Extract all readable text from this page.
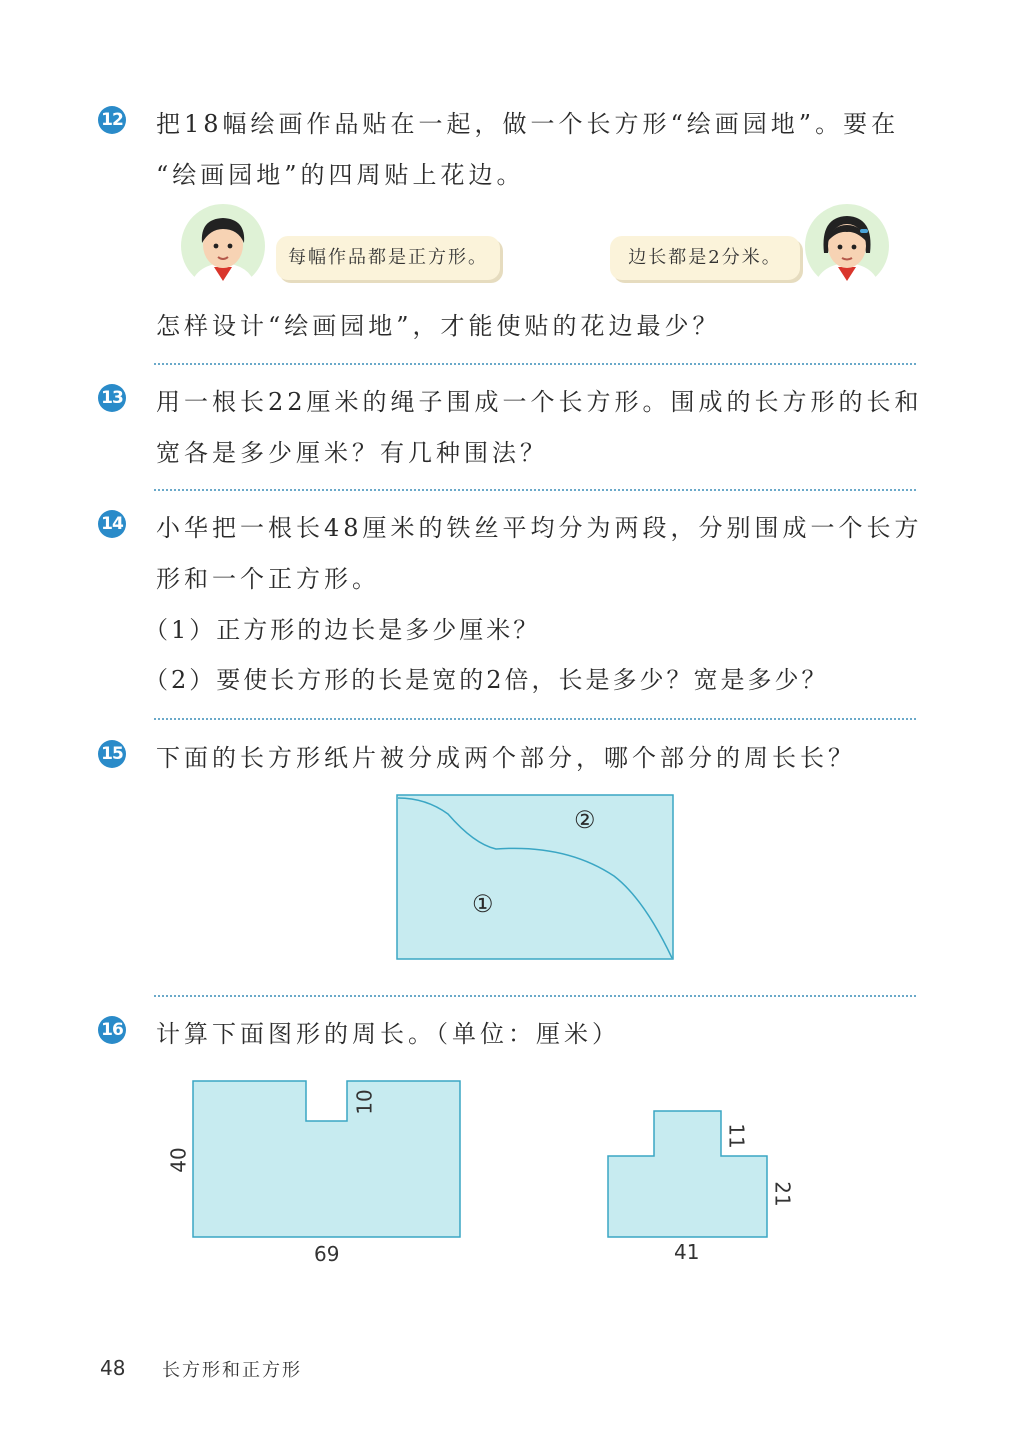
12 把18幅绘画作品贴在一起，做一个长方形“绘画园地”。要在
“绘画园地”的四周贴上花边。
每幅作品都是正方形。	边长都是2分米。
怎样设计“绘画园地”，才能使贴的花边最少？
13 用一根长22厘米的绳子围成一个长方形。围成的长方形的长和
宽各是多少厘米？有几种围法？
14 小华把一根长48厘米的铁丝平均分为两段，分别围成一个长方
形和一个正方形。
（1）正方形的边长是多少厘米？
（2）要使长方形的长是宽的2倍，长是多少？宽是多少？
15 下面的长方形纸片被分成两个部分，哪个部分的周长长？
①
②
16 计算下面图形的周长。（单位：厘米）
40
69
10
11
21
41
48 长方形和正方形
